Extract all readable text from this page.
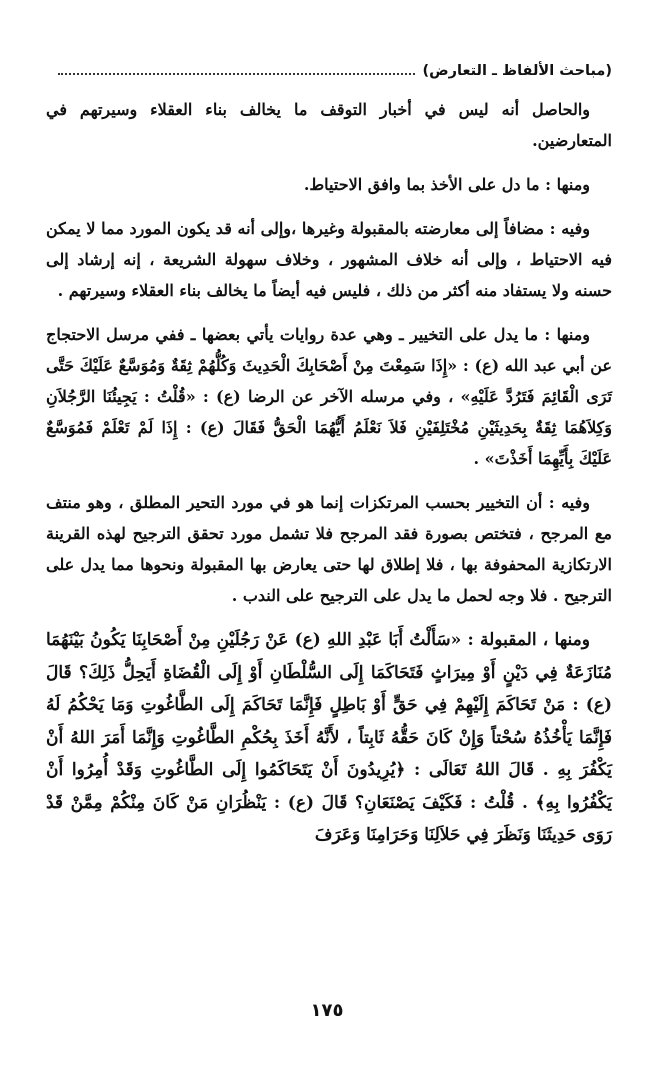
(مباحث الألفاظ ـ التعارض)

والحاصل أنه ليس في أخبار التوقف ما يخالف بناء العقلاء وسيرتهم في المتعارضين.

ومنها : ما دل على الأخذ بما وافق الاحتياط.

وفيه : مضافاً إلى معارضته بالمقبولة وغيرها ،وإلى أنه قد يكون المورد مما لا يمكن فيه الاحتياط ، وإلى أنه خلاف المشهور ، وخلاف سهولة الشريعة ، إنه إرشاد إلى حسنه ولا يستفاد منه أكثر من ذلك ، فليس فيه أيضاً ما يخالف بناء العقلاء وسيرتهم .

ومنها : ما يدل على التخيير ـ وهي عدة روايات يأتي بعضها ـ ففي مرسل الاحتجاج عن أبي عبد الله (ع) : «إِذَا سَمِعْتَ مِنْ أَصْحَابِكَ الْحَدِيثَ وَكُلُّهُمْ ثِقَةٌ وَمُوَسَّعٌ عَلَيْكَ حَتَّى تَرَى الْقَائِمَ فَتَرُدَّ عَلَيْهِ» ، وفي مرسله الآخر عن الرضا (ع) : «قُلْتُ : يَجِيئُنَا الرَّجُلاَنِ وَكِلاَهُمَا ثِقَةٌ بِحَدِيثَيْنِ مُخْتَلِفَيْنِ فَلاَ نَعْلَمُ أَيُّهُمَا الْحَقُّ فَقَالَ (ع) : إِذَا لَمْ تَعْلَمْ فَمُوَسَّعٌ عَلَيْكَ بِأَيِّهِمَا أَخَذْتَ» .

وفيه : أن التخيير بحسب المرتكزات إنما هو في مورد التحير المطلق ، وهو منتف مع المرجح ، فتختص بصورة فقد المرجح فلا تشمل مورد تحقق الترجيح لهذه القرينة الارتكازية المحفوفة بها ، فلا إطلاق لها حتى يعارض بها المقبولة ونحوها مما يدل على الترجيح . فلا وجه لحمل ما يدل على الترجيح على الندب .

ومنها ، المقبولة : «سَأَلْتُ أَبَا عَبْدِ اللهِ (ع) عَنْ رَجُلَيْنِ مِنْ أَصْحَابِنَا يَكُونُ بَيْنَهُمَا مُنَازَعَةٌ فِي دَيْنٍ أَوْ مِيرَاثٍ فَتَحَاكَمَا إِلَى السُّلْطَانِ أَوْ إِلَى الْقُضَاةِ أَيَحِلُّ ذَلِكَ؟ قَالَ (ع) : مَنْ تَحَاكَمَ إِلَيْهِمْ فِي حَقٍّ أَوْ بَاطِلٍ فَإِنَّمَا تَحَاكَمَ إِلَى الطَّاغُوتِ وَمَا يَحْكُمُ لَهُ فَإِنَّمَا يَأْخُذُهُ سُحْتاً وَإِنْ كَانَ حَقُّهُ ثَابِتاً ، لأَنَّهُ أَخَذَ بِحُكْمِ الطَّاغُوتِ وَإِنَّمَا أَمَرَ اللهُ أَنْ يَكْفُرَ بِهِ . قَالَ اللهُ تَعَالَى : ﴿يُرِيدُونَ أَنْ يَتَحَاكَمُوا إِلَى الطَّاغُوتِ وَقَدْ أُمِرُوا أَنْ يَكْفُرُوا بِهِ﴾ . قُلْتُ : فَكَيْفَ يَصْنَعَانِ؟ قَالَ (ع) : يَنْظُرَانِ مَنْ كَانَ مِنْكُمْ مِمَّنْ قَدْ رَوَى حَدِيثَنَا وَنَظَرَ فِي حَلاَلِنَا وَحَرَامِنَا وَعَرَفَ

١٧٥
